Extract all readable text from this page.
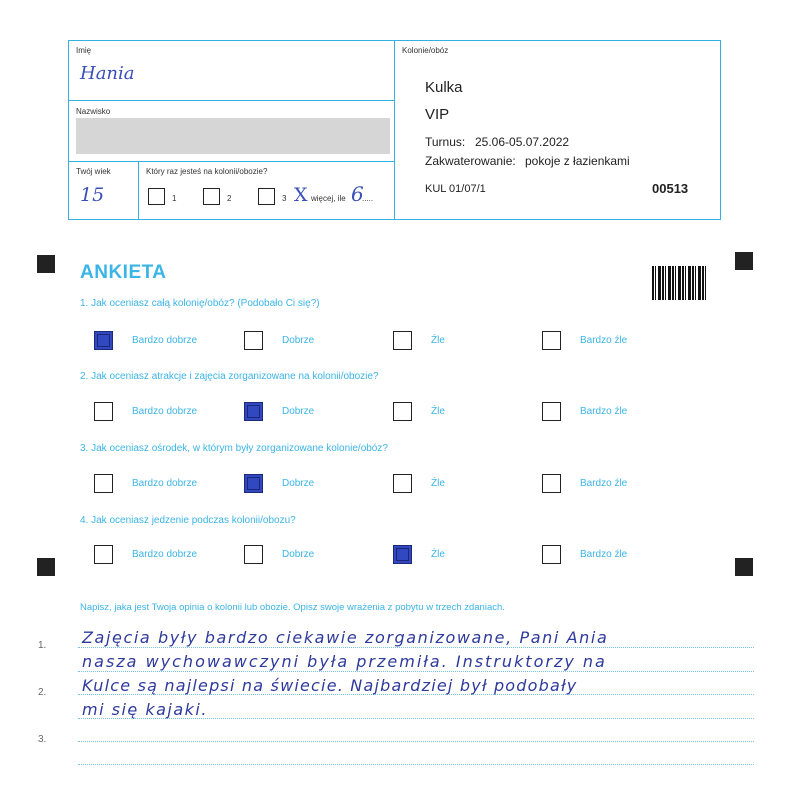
Imię
Hania
Nazwisko
Twój wiek
15
Który raz jesteś na kolonii/obozie?
1	2	3 X więcej, ile 6
.....
Kolonie/obóz
Kulka
VIP
Turnus: 25.06-05.07.2022
Zakwaterowanie: pokoje z łazienkami
KUL 01/07/1	00513
ANKIETA
1. Jak oceniasz całą kolonię/obóz? (Podobało Ci się?)
Bardzo dobrze	Dobrze	Źle	Bardzo źle
2. Jak oceniasz atrakcje i zajęcia zorganizowane na kolonii/obozie?
Bardzo dobrze	Dobrze	Źle	Bardzo źle
3. Jak oceniasz ośrodek, w którym były zorganizowane kolonie/obóz?
Bardzo dobrze	Dobrze	Źle	Bardzo źle
4. Jak oceniasz jedzenie podczas kolonii/obozu?
Bardzo dobrze	Dobrze	Źle	Bardzo źle
Napisz, jaka jest Twoja opinia o kolonii lub obozie. Opisz swoje wrażenia z pobytu w trzech zdaniach.
1.
2.
3.
Zajęcia były bardzo ciekawie zorganizowane, Pani Ania
nasza wychowawczyni była przemiła. Instruktorzy na
Kulce są najlepsi na świecie. Najbardziej był podobały
mi się kajaki.
